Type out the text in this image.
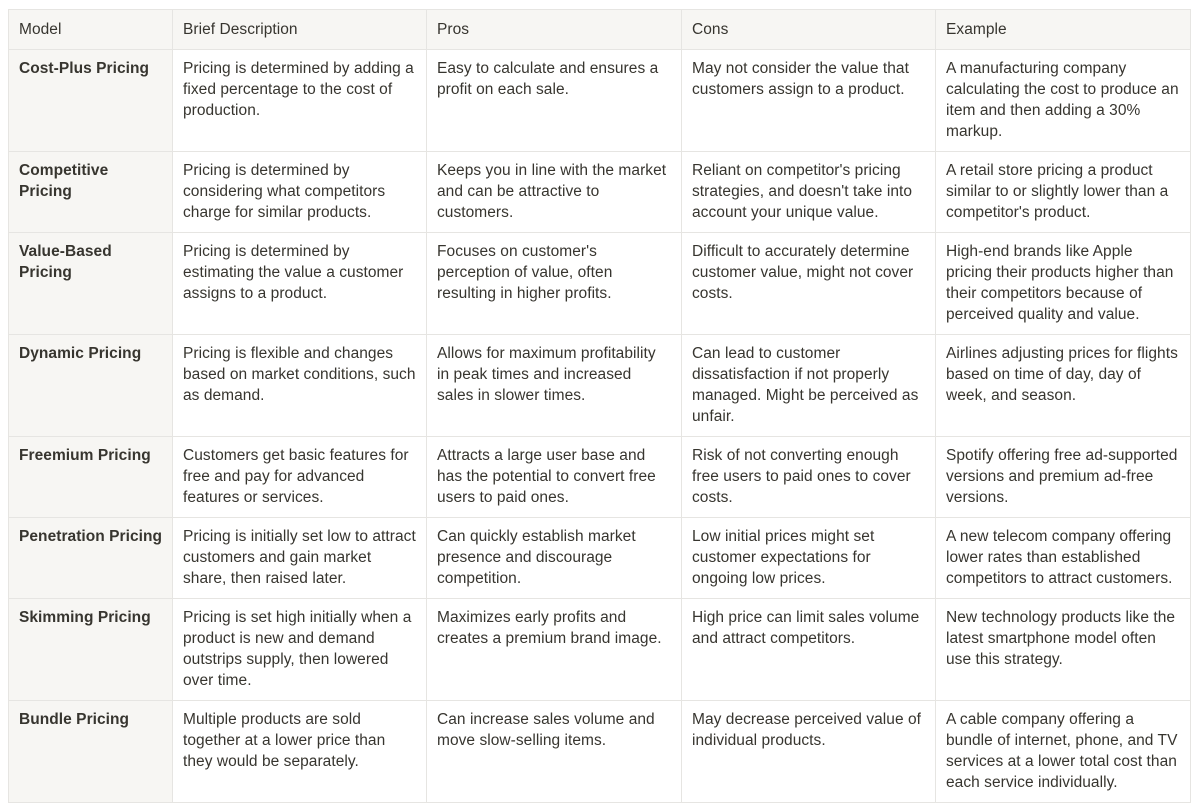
Model	Brief Description	Pros	Cons	Example
Cost-Plus Pricing	Pricing is determined by adding a fixed percentage to the cost of production.	Easy to calculate and ensures a profit on each sale.	May not consider the value that customers assign to a product.	A manufacturing company calculating the cost to produce an item and then adding a 30% markup.
Competitive Pricing	Pricing is determined by considering what competitors charge for similar products.	Keeps you in line with the market and can be attractive to customers.	Reliant on competitor's pricing strategies, and doesn't take into account your unique value.	A retail store pricing a product similar to or slightly lower than a competitor's product.
Value-Based Pricing	Pricing is determined by estimating the value a customer assigns to a product.	Focuses on customer's perception of value, often resulting in higher profits.	Difficult to accurately determine customer value, might not cover costs.	High-end brands like Apple pricing their products higher than their competitors because of perceived quality and value.
Dynamic Pricing	Pricing is flexible and changes based on market conditions, such as demand.	Allows for maximum profitability in peak times and increased sales in slower times.	Can lead to customer dissatisfaction if not properly managed. Might be perceived as unfair.	Airlines adjusting prices for flights based on time of day, day of week, and season.
Freemium Pricing	Customers get basic features for free and pay for advanced features or services.	Attracts a large user base and has the potential to convert free users to paid ones.	Risk of not converting enough free users to paid ones to cover costs.	Spotify offering free ad-supported versions and premium ad-free versions.
Penetration Pricing	Pricing is initially set low to attract customers and gain market share, then raised later.	Can quickly establish market presence and discourage competition.	Low initial prices might set customer expectations for ongoing low prices.	A new telecom company offering lower rates than established competitors to attract customers.
Skimming Pricing	Pricing is set high initially when a product is new and demand outstrips supply, then lowered over time.	Maximizes early profits and creates a premium brand image.	High price can limit sales volume and attract competitors.	New technology products like the latest smartphone model often use this strategy.
Bundle Pricing	Multiple products are sold together at a lower price than they would be separately.	Can increase sales volume and move slow-selling items.	May decrease perceived value of individual products.	A cable company offering a bundle of internet, phone, and TV services at a lower total cost than each service individually.
